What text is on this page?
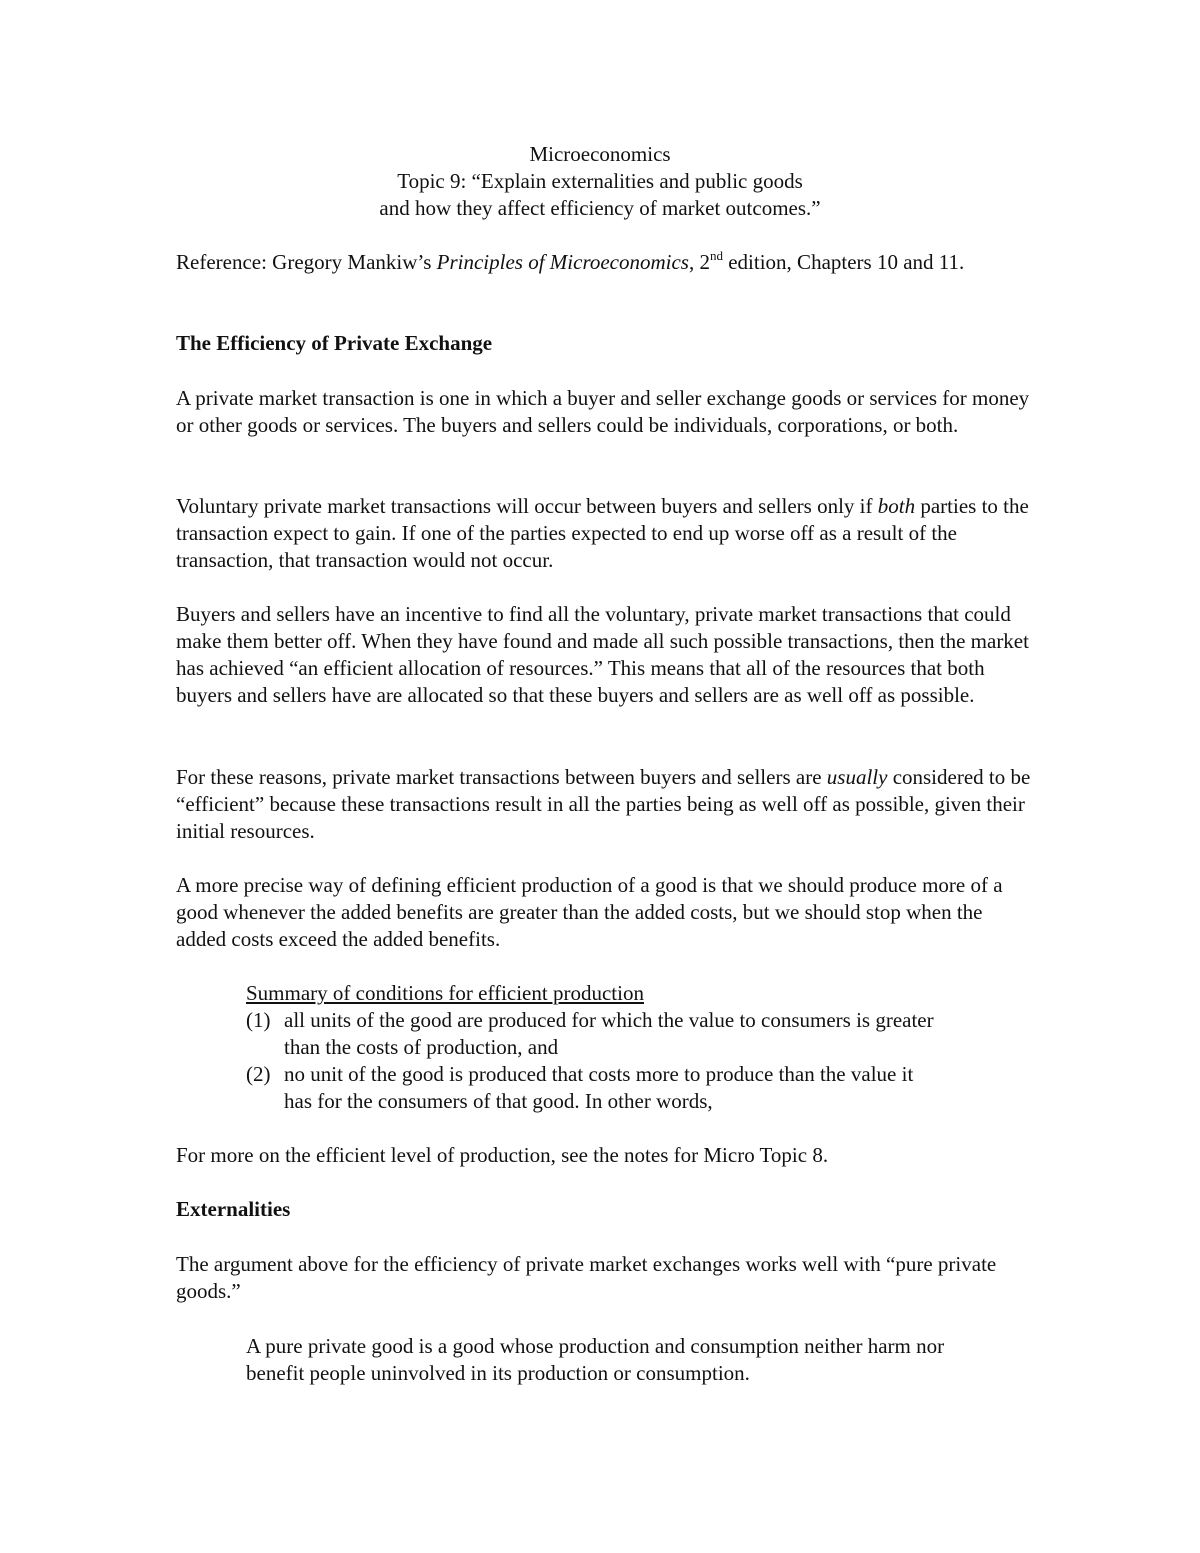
Microeconomics
Topic 9: “Explain externalities and public goods
and how they affect efficiency of market outcomes.”

Reference: Gregory Mankiw’s Principles of Microeconomics, 2nd edition, Chapters 10 and 11.

The Efficiency of Private Exchange

A private market transaction is one in which a buyer and seller exchange goods or services for money or other goods or services. The buyers and sellers could be individuals, corporations, or both.

Voluntary private market transactions will occur between buyers and sellers only if both parties to the transaction expect to gain. If one of the parties expected to end up worse off as a result of the transaction, that transaction would not occur.

Buyers and sellers have an incentive to find all the voluntary, private market transactions that could make them better off. When they have found and made all such possible transactions, then the market has achieved “an efficient allocation of resources.” This means that all of the resources that both buyers and sellers have are allocated so that these buyers and sellers are as well off as possible.

For these reasons, private market transactions between buyers and sellers are usually considered to be “efficient” because these transactions result in all the parties being as well off as possible, given their initial resources.

A more precise way of defining efficient production of a good is that we should produce more of a good whenever the added benefits are greater than the added costs, but we should stop when the added costs exceed the added benefits.

Summary of conditions for efficient production

(1) all units of the good are produced for which the value to consumers is greater
than the costs of production, and
(2) no unit of the good is produced that costs more to produce than the value it
has for the consumers of that good. In other words,

For more on the efficient level of production, see the notes for Micro Topic 8.

Externalities

The argument above for the efficiency of private market exchanges works well with “pure private goods.”

A pure private good is a good whose production and consumption neither harm nor benefit people uninvolved in its production or consumption.
